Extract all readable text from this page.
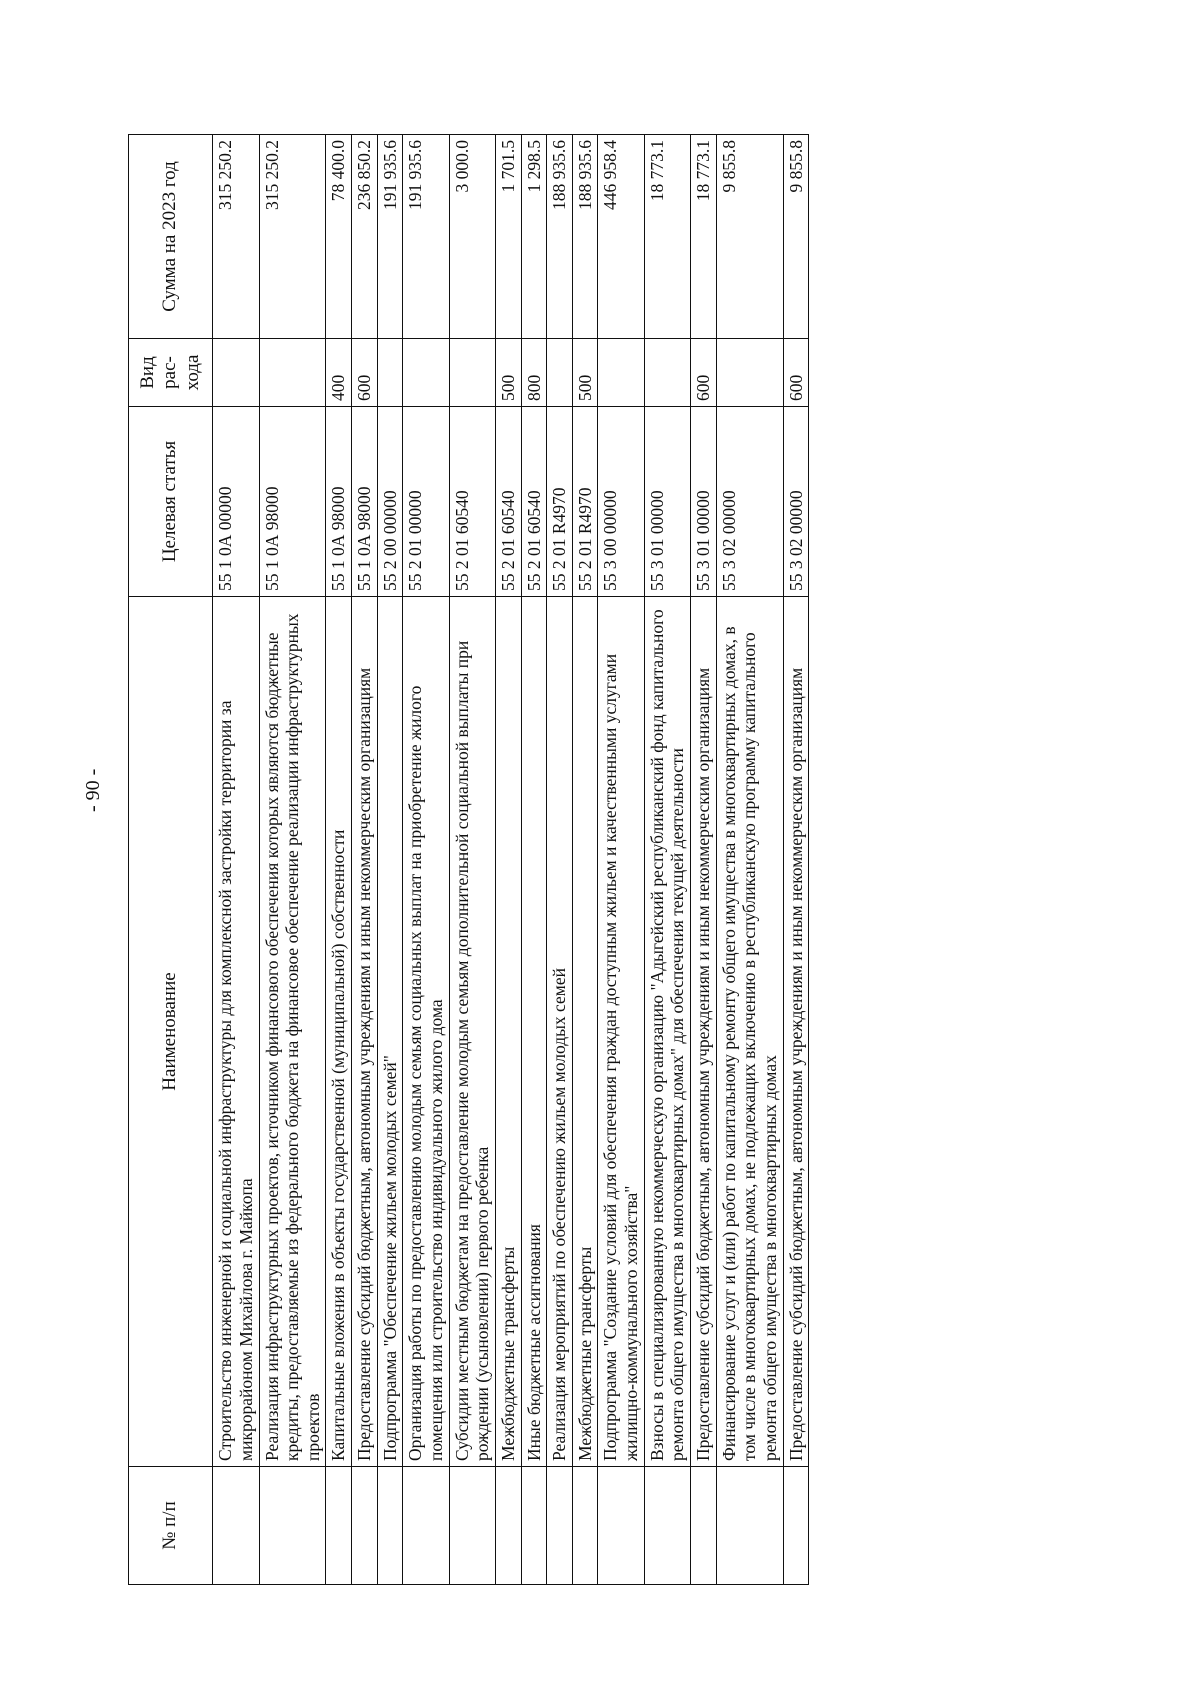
- 90 -
№ п/п	Наименование	Целевая статья	Вид рас- хода	Сумма на 2023 год
	Строительство инженерной и социальной инфраструктуры для комплексной застройки территории за микрорайоном Михайлова г. Майкопа	55 1 0А 00000		315 250.2
	Реализация инфраструктурных проектов, источником финансового обеспечения которых являются бюджетные кредиты, предоставляемые из федерального бюджета на финансовое обеспечение реализации инфраструктурных проектов	55 1 0А 98000		315 250.2
	Капитальные вложения в объекты государственной (муниципальной) собственности	55 1 0А 98000	400	78 400.0
	Предоставление субсидий бюджетным, автономным учреждениям и иным некоммерческим организациям	55 1 0А 98000	600	236 850.2
	Подпрограмма "Обеспечение жильем молодых семей"	55 2 00 00000		191 935.6
	Организация работы по предоставлению молодым семьям социальных выплат на приобретение жилого помещения или строительство индивидуального жилого дома	55 2 01 00000		191 935.6
	Субсидии местным бюджетам на предоставление молодым семьям дополнительной социальной выплаты при рождении (усыновлении) первого ребенка	55 2 01 60540		3 000.0
	Межбюджетные трансферты	55 2 01 60540	500	1 701.5
	Иные бюджетные ассигнования	55 2 01 60540	800	1 298.5
	Реализация мероприятий по обеспечению жильем молодых семей	55 2 01 R4970		188 935.6
	Межбюджетные трансферты	55 2 01 R4970	500	188 935.6
	Подпрограмма "Создание условий для обеспечения граждан доступным жильем и качественными услугами жилищно-коммунального хозяйства"	55 3 00 00000		446 958.4
	Взносы в специализированную некоммерческую организацию "Адыгейский республиканский фонд капитального ремонта общего имущества в многоквартирных домах" для обеспечения текущей деятельности	55 3 01 00000		18 773.1
	Предоставление субсидий бюджетным, автономным учреждениям и иным некоммерческим организациям	55 3 01 00000	600	18 773.1
	Финансирование услуг и (или) работ по капитальному ремонту общего имущества в многоквартирных домах, в том числе в многоквартирных домах, не подлежащих включению в республиканскую программу капитального ремонта общего имущества в многоквартирных домах	55 3 02 00000		9 855.8
	Предоставление субсидий бюджетным, автономным учреждениям и иным некоммерческим организациям	55 3 02 00000	600	9 855.8
